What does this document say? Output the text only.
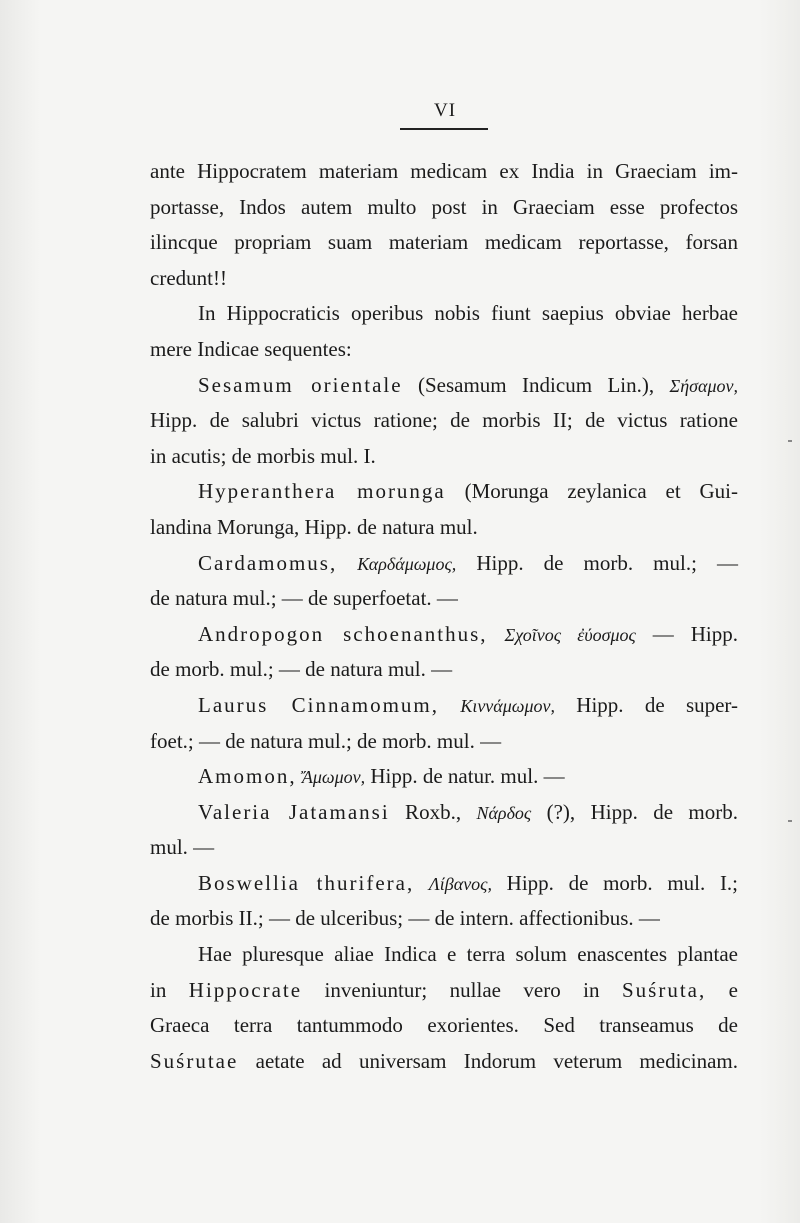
VI
ante Hippocratem materiam medicam ex India in Graeciam im-
portasse, Indos autem multo post in Graeciam esse profectos
ilincque propriam suam materiam medicam reportasse, forsan
credunt!!
In Hippocraticis operibus nobis fiunt saepius obviae herbae
mere Indicae sequentes:
Sesamum orientale (Sesamum Indicum Lin.), Σήσαμον,
Hipp. de salubri victus ratione; de morbis II; de victus ratione
in acutis; de morbis mul. I.
Hyperanthera morunga (Morunga zeylanica et Gui-
landina Morunga, Hipp. de natura mul.
Cardamomus, Καρδάμωμος, Hipp. de morb. mul.; —
de natura mul.; — de superfoetat. —
Andropogon schoenanthus, Σχοῖνος ἐύοσμος — Hipp.
de morb. mul.; — de natura mul. —
Laurus Cinnamomum, Κιννάμωμον, Hipp. de super-
foet.; — de natura mul.; de morb. mul. —
Amomon, Ἄμωμον, Hipp. de natur. mul. —
Valeria Jatamansi Roxb., Νάρδος (?), Hipp. de morb.
mul. —
Boswellia thurifera, Λίβανος, Hipp. de morb. mul. I.;
de morbis II.; — de ulceribus; — de intern. affectionibus. —
Hae pluresque aliae Indica e terra solum enascentes plantae
in Hippocrate inveniuntur; nullae vero in Suśruta, e
Graeca terra tantummodo exorientes. Sed transeamus de
Suśrutae aetate ad universam Indorum veterum medicinam.
